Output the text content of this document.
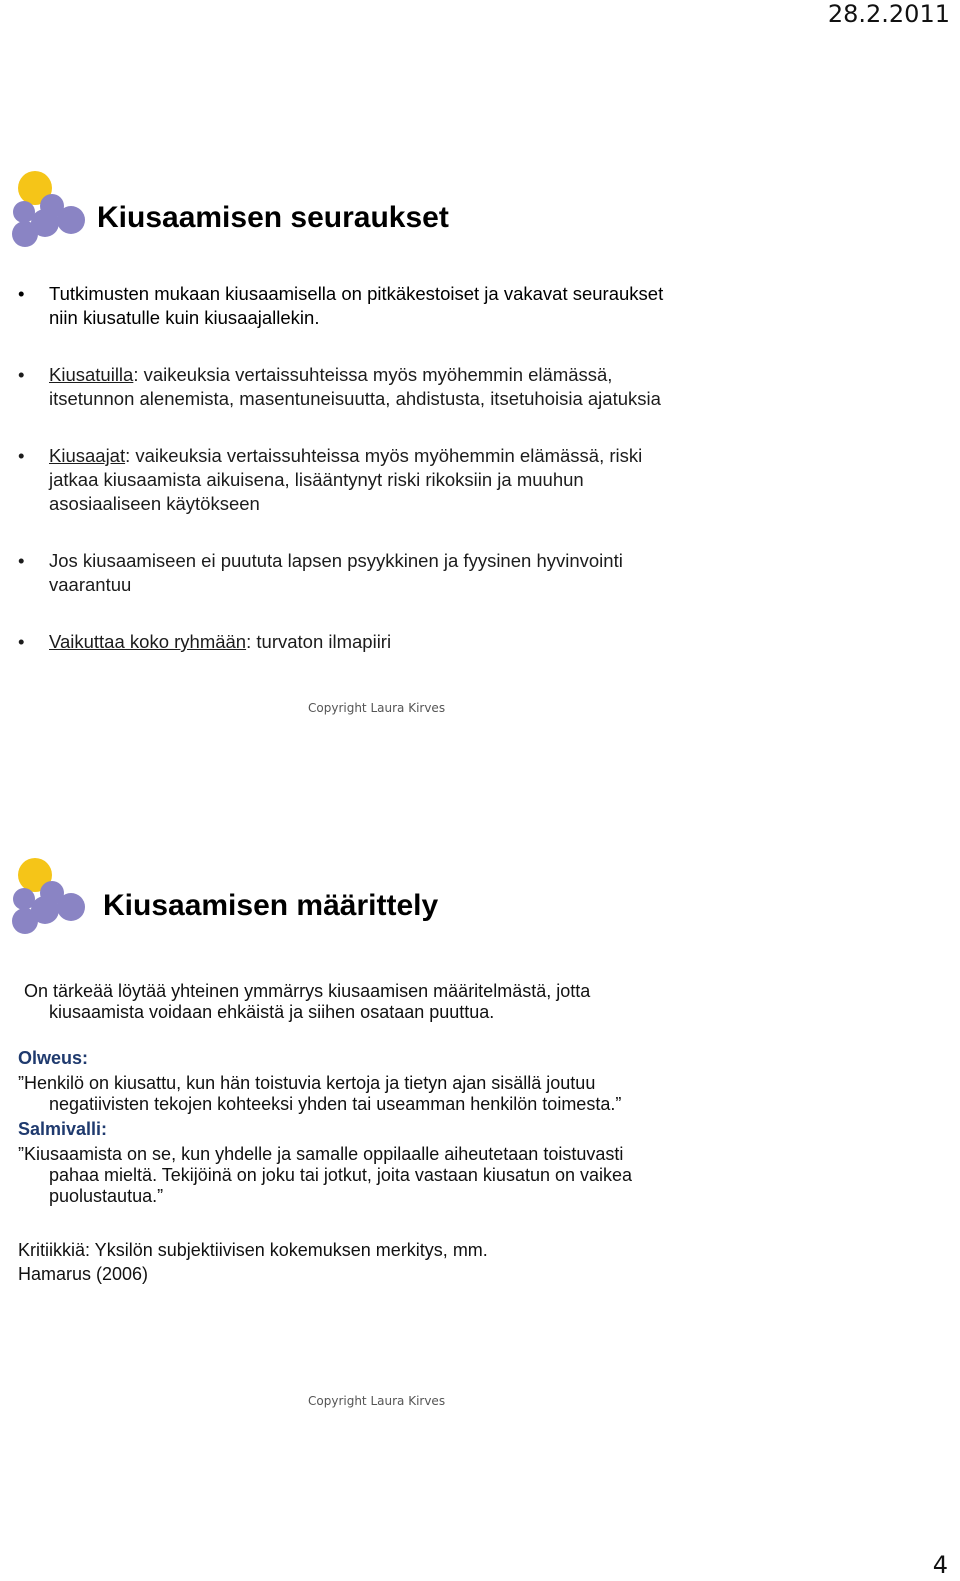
28.2.2011
Kiusaamisen seuraukset
• Tutkimusten mukaan kiusaamisella on pitkäkestoiset ja vakavat seuraukset
niin kiusatulle kuin kiusaajallekin.
• Kiusatuilla: vaikeuksia vertaissuhteissa myös myöhemmin elämässä,
itsetunnon alenemista, masentuneisuutta, ahdistusta, itsetuhoisia ajatuksia
• Kiusaajat: vaikeuksia vertaissuhteissa myös myöhemmin elämässä, riski
jatkaa kiusaamista aikuisena, lisääntynyt riski rikoksiin ja muuhun
asosiaaliseen käytökseen
• Jos kiusaamiseen ei puututa lapsen psyykkinen ja fyysinen hyvinvointi
vaarantuu
• Vaikuttaa koko ryhmään: turvaton ilmapiiri
Copyright Laura Kirves
Kiusaamisen määrittely
On tärkeää löytää yhteinen ymmärrys kiusaamisen määritelmästä, jotta
kiusaamista voidaan ehkäistä ja siihen osataan puuttua.
Olweus:
”Henkilö on kiusattu, kun hän toistuvia kertoja ja tietyn ajan sisällä joutuu
negatiivisten tekojen kohteeksi yhden tai useamman henkilön toimesta.”
Salmivalli:
”Kiusaamista on se, kun yhdelle ja samalle oppilaalle aiheutetaan toistuvasti
pahaa mieltä. Tekijöinä on joku tai jotkut, joita vastaan kiusatun on vaikea
puolustautua.”
Kritiikkiä: Yksilön subjektiivisen kokemuksen merkitys, mm.
Hamarus (2006)
Copyright Laura Kirves
4
